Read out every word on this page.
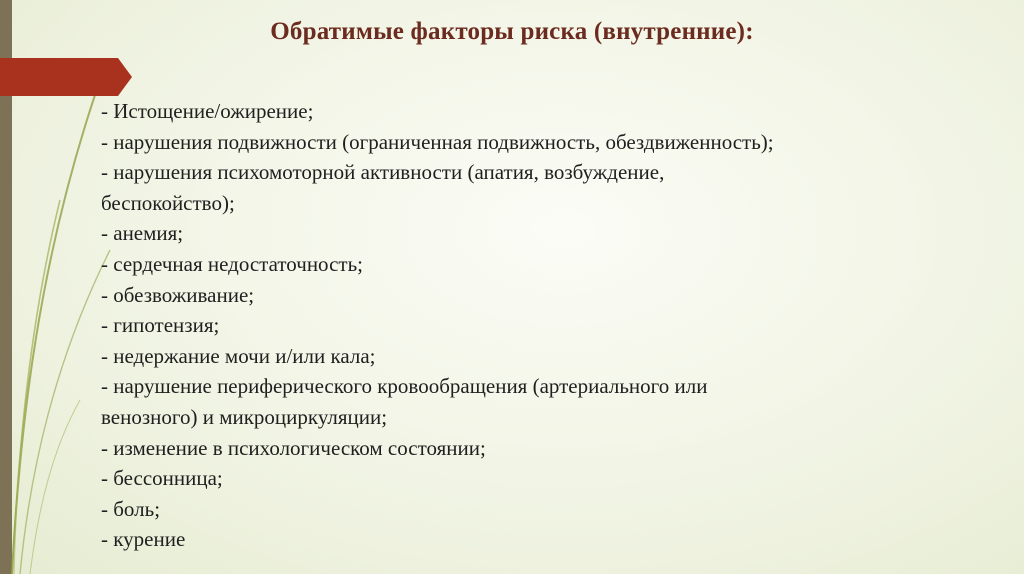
Обратимые факторы риска (внутренние):
- Истощение/ожирение;
- нарушения подвижности (ограниченная подвижность, обездвиженность);
- нарушения психомоторной активности (апатия, возбуждение,
беспокойство);
- анемия;
- сердечная недостаточность;
- обезвоживание;
- гипотензия;
- недержание мочи и/или кала;
- нарушение периферического кровообращения (артериального или
венозного) и микроциркуляции;
- изменение в психологическом состоянии;
- бессонница;
- боль;
- курение
